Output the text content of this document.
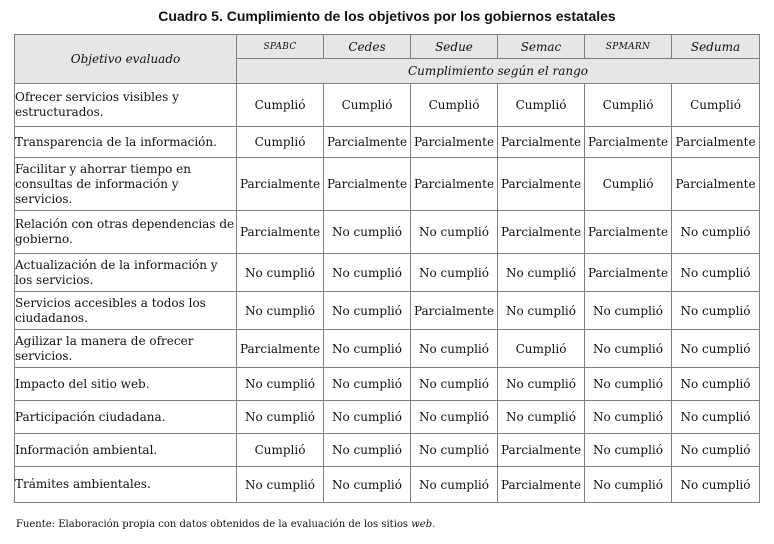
Cuadro 5. Cumplimiento de los objetivos por los gobiernos estatales
Objetivo evaluado	SPABC	Cedes	Sedue	Semac	SPMARN	Seduma
	Cumplimiento según el rango					
Ofrecer servicios visibles y estructurados.	Cumplió	Cumplió	Cumplió	Cumplió	Cumplió	Cumplió
Transparencia de la información.	Cumplió	Parcialmente	Parcialmente	Parcialmente	Parcialmente	Parcialmente
Facilitar y ahorrar tiempo en consultas de información y servicios.	Parcialmente	Parcialmente	Parcialmente	Parcialmente	Cumplió	Parcialmente
Relación con otras dependencias de gobierno.	Parcialmente	No cumplió	No cumplió	Parcialmente	Parcialmente	No cumplió
Actualización de la información y los servicios.	No cumplió	No cumplió	No cumplió	No cumplió	Parcialmente	No cumplió
Servicios accesibles a todos los ciudadanos.	No cumplió	No cumplió	Parcialmente	No cumplió	No cumplió	No cumplió
Agilizar la manera de ofrecer servicios.	Parcialmente	No cumplió	No cumplió	Cumplió	No cumplió	No cumplió
Impacto del sitio web.	No cumplió	No cumplió	No cumplió	No cumplió	No cumplió	No cumplió
Participación ciudadana.	No cumplió	No cumplió	No cumplió	No cumplió	No cumplió	No cumplió
Información ambiental.	Cumplió	No cumplió	No cumplió	Parcialmente	No cumplió	No cumplió
Trámites ambientales.	No cumplió	No cumplió	No cumplió	Parcialmente	No cumplió	No cumplió
Fuente: Elaboración propia con datos obtenidos de la evaluación de los sitios web.
